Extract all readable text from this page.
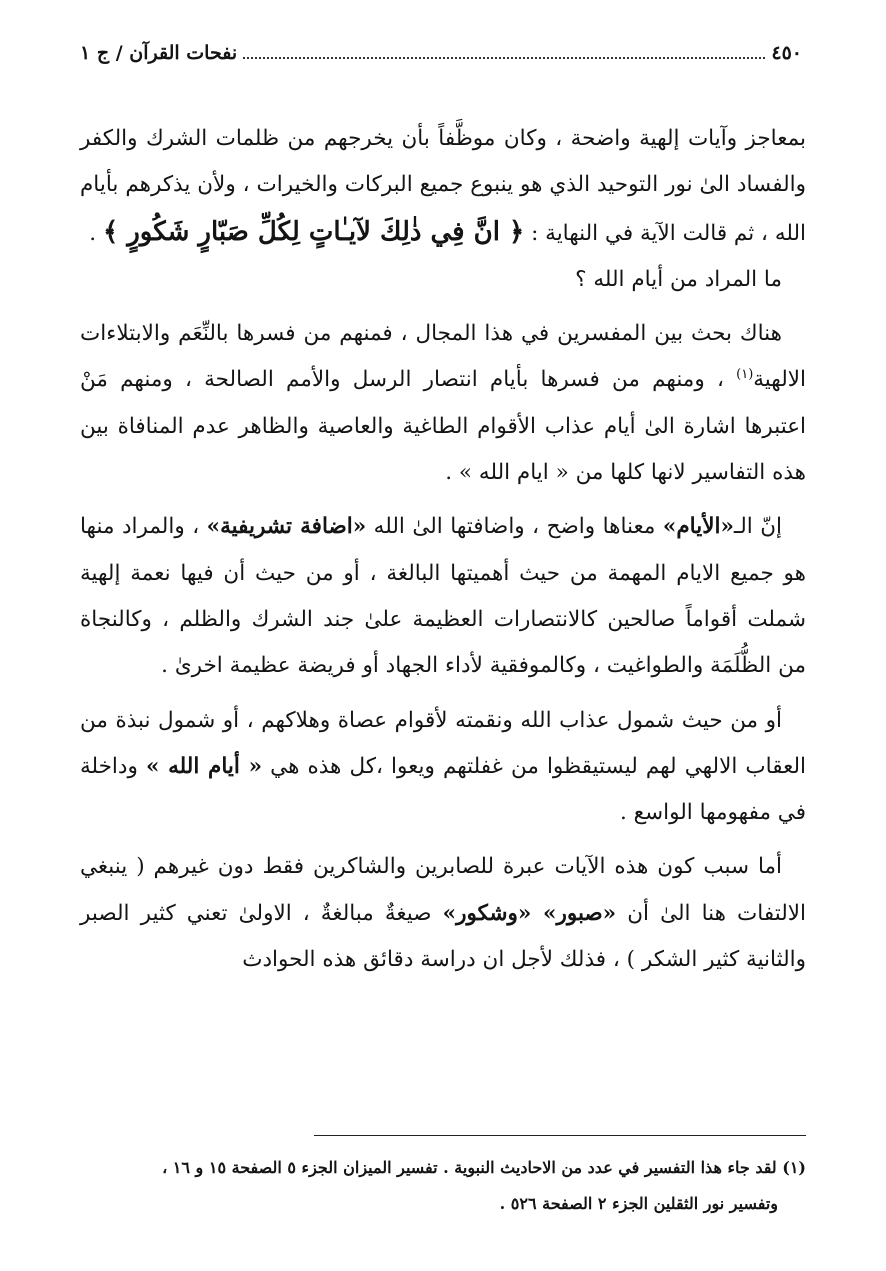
٤٥٠
نفحات القرآن / ج ١

بمعاجز وآيات إلهية واضحة ، وكان موظَّفاً بأن يخرجهم من ظلمات الشرك والكفر والفساد الىٰ نور التوحيد الذي هو ينبوع جميع البركات والخيرات ، ولأن يذكرهم بأيام الله ، ثم قالت الآية في النهاية : ﴿ انَّ فِي ذٰلِكَ لآيـٰاتٍ لِكُلِّ صَبّارٍ شَكُورٍ ﴾ .

ما المراد من أيام الله ؟

هناك بحث بين المفسرين في هذا المجال ، فمنهم من فسرها بالنِّعَم والابتلاءات الالهية$^{(١)}$ ، ومنهم من فسرها بأيام انتصار الرسل والأمم الصالحة ، ومنهم مَنْ اعتبرها اشارة الىٰ أيام عذاب الأقوام الطاغية والعاصية والظاهر عدم المنافاة بين هذه التفاسير لانها كلها من « ايام الله » .

إنّ الـ«الأيام» معناها واضح ، واضافتها الىٰ الله «اضافة تشريفية» ، والمراد منها هو جميع الايام المهمة من حيث أهميتها البالغة ، أو من حيث أن فيها نعمة إلهية شملت أقواماً صالحين كالانتصارات العظيمة علىٰ جند الشرك والظلم ، وكالنجاة من الظُّلَمَة والطواغيت ، وكالموفقية لأداء الجهاد أو فريضة عظيمة اخرىٰ .

أو من حيث شمول عذاب الله ونقمته لأقوام عصاة وهلاكهم ، أو شمول نبذة من العقاب الالهي لهم ليستيقظوا من غفلتهم ويعوا ،كل هذه هي « أيام الله » وداخلة في مفهومها الواسع .

أما سبب كون هذه الآيات عبرة للصابرين والشاكرين فقط دون غيرهم ( ينبغي الالتفات هنا الىٰ أن «صبور» «وشكور» صيغةٌ مبالغةٌ ، الاولىٰ تعني كثير الصبر والثانية كثير الشكر ) ، فذلك لأجل ان دراسة دقائق هذه الحوادث

(١) لقد جاء هذا التفسير في عدد من الاحاديث النبوية . تفسير الميزان الجزء ٥ الصفحة ١٥ و ١٦ ،

وتفسير نور الثقلين الجزء ٢ الصفحة ٥٢٦ .
